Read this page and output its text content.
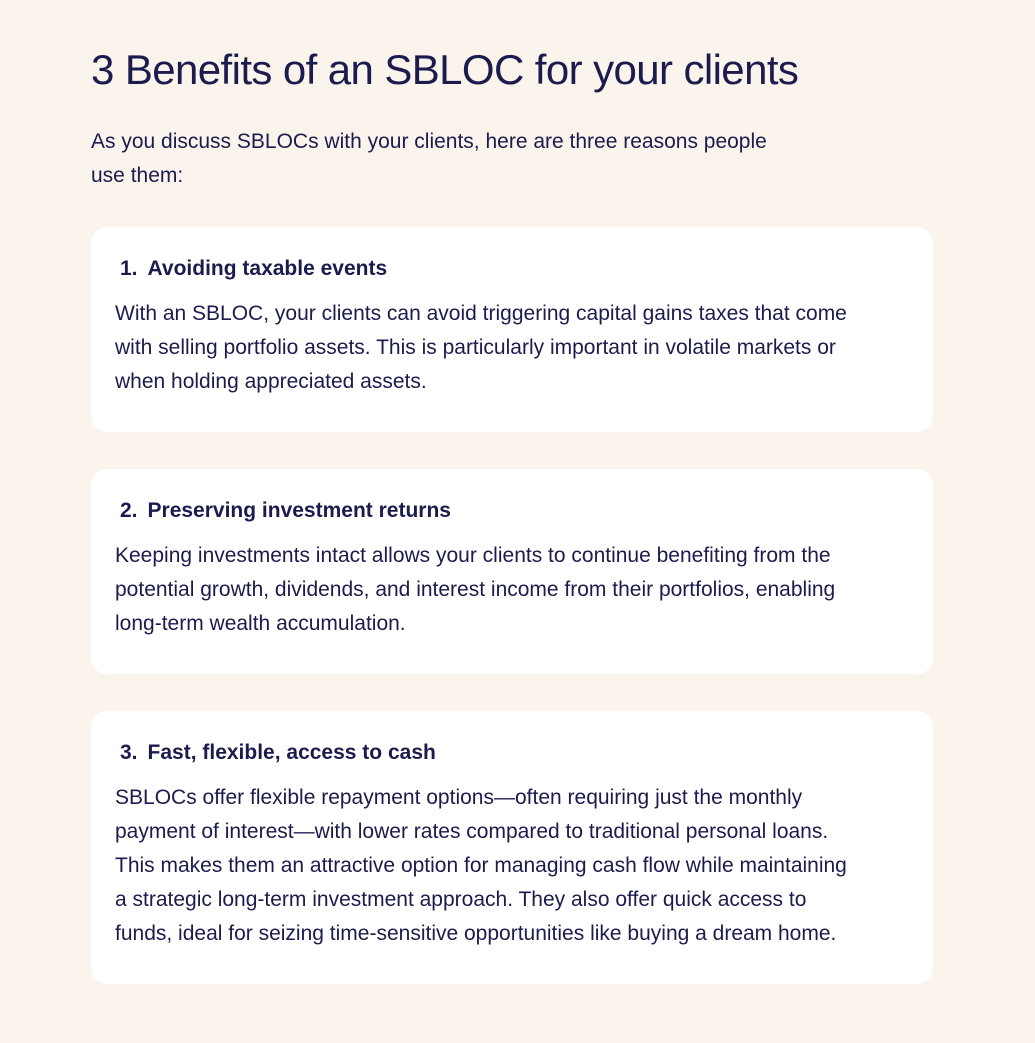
3 Benefits of an SBLOC for your clients

As you discuss SBLOCs with your clients, here are three reasons people use them:

1. Avoiding taxable events

With an SBLOC, your clients can avoid triggering capital gains taxes that come with selling portfolio assets. This is particularly important in volatile markets or when holding appreciated assets.

2. Preserving investment returns

Keeping investments intact allows your clients to continue benefiting from the potential growth, dividends, and interest income from their portfolios, enabling long-term wealth accumulation.

3. Fast, flexible, access to cash

SBLOCs offer flexible repayment options—often requiring just the monthly payment of interest—with lower rates compared to traditional personal loans. This makes them an attractive option for managing cash flow while maintaining a strategic long-term investment approach. They also offer quick access to funds, ideal for seizing time-sensitive opportunities like buying a dream home.
